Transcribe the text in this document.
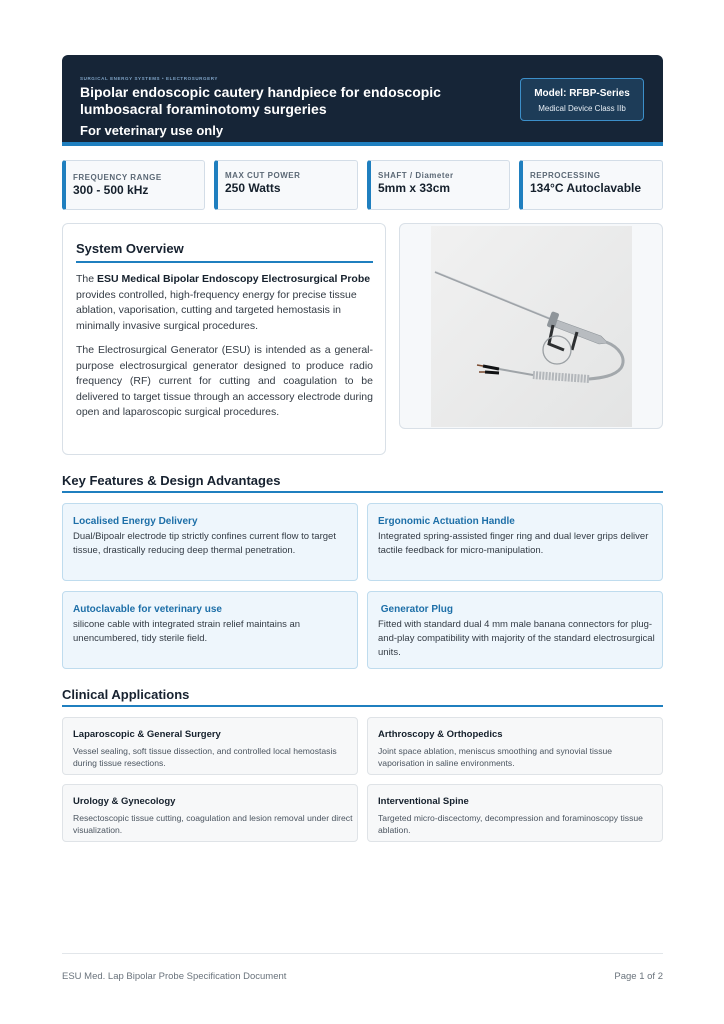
SURGICAL ENERGY SYSTEMS • ELECTROSURGERY
Bipolar endoscopic cautery handpiece for endoscopic lumbosacral foraminotomy surgeries
For veterinary use only
Model: RFBP-Series
Medical Device Class IIb
FREQUENCY RANGE
300 - 500 kHz
MAX CUT POWER
250 Watts
SHAFT / Diameter
5mm x 33cm
REPROCESSING
134°C Autoclavable
System Overview

The ESU Medical Bipolar Endoscopy Electrosurgical Probe provides controlled, high-frequency energy for precise tissue ablation, vaporisation, cutting and targeted hemostasis in minimally invasive surgical procedures.

The Electrosurgical Generator (ESU) is intended as a general-purpose electrosurgical generator designed to produce radio frequency (RF) current for cutting and coagulation to be delivered to target tissue through an accessory electrode during open and laparoscopic surgical procedures.

Key Features & Design Advantages
Localised Energy Delivery
Dual/Bipoalr electrode tip strictly confines current flow to target tissue, drastically reducing deep thermal penetration.
Ergonomic Actuation Handle
Integrated spring-assisted finger ring and dual lever grips deliver tactile feedback for micro-manipulation.
Autoclavable for veterinary use
silicone cable with integrated strain relief maintains an unencumbered, tidy sterile field.
Generator Plug
Fitted with standard dual 4 mm male banana connectors for plug-and-play compatibility with majority of the standard electrosurgical units.
Clinical Applications
Laparoscopic & General Surgery
Vessel sealing, soft tissue dissection, and controlled local hemostasis during tissue resections.
Arthroscopy & Orthopedics
Joint space ablation, meniscus smoothing and synovial tissue vaporisation in saline environments.
Urology & Gynecology
Resectoscopic tissue cutting, coagulation and lesion removal under direct visualization.
Interventional Spine
Targeted micro-discectomy, decompression and foraminoscopy tissue ablation.
ESU Med. Lap Bipolar Probe Specification Document	Page 1 of 2
